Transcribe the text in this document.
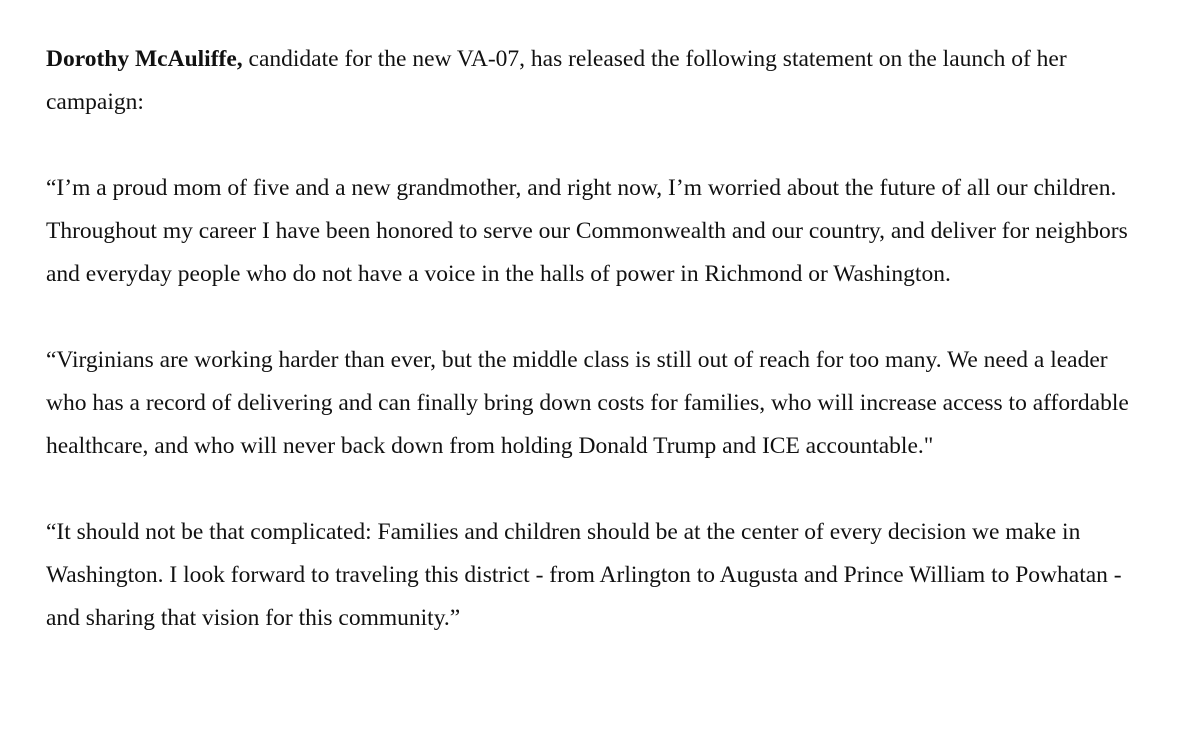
Dorothy McAuliffe, candidate for the new VA-07, has released the following statement on the launch of her campaign:

“I’m a proud mom of five and a new grandmother, and right now, I’m worried about the future of all our children. Throughout my career I have been honored to serve our Commonwealth and our country, and deliver for neighbors and everyday people who do not have a voice in the halls of power in Richmond or Washington.

“Virginians are working harder than ever, but the middle class is still out of reach for too many. We need a leader who has a record of delivering and can finally bring down costs for families, who will increase access to affordable healthcare, and who will never back down from holding Donald Trump and ICE accountable."

“It should not be that complicated: Families and children should be at the center of every decision we make in Washington. I look forward to traveling this district - from Arlington to Augusta and Prince William to Powhatan - and sharing that vision for this community.”
